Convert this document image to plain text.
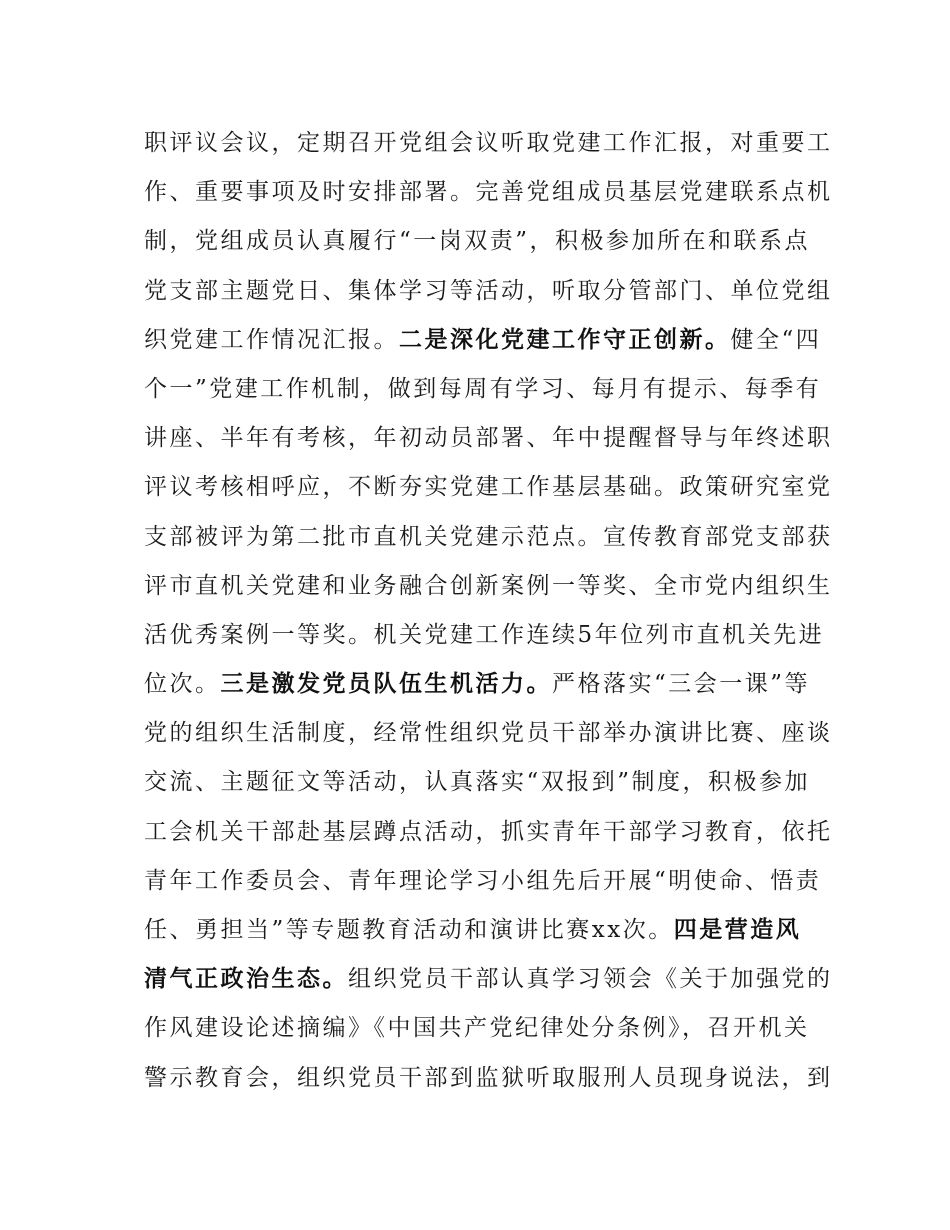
职评议会议，定期召开党组会议听取党建工作汇报，对重要工
作、重要事项及时安排部署。完善党组成员基层党建联系点机
制，党组成员认真履行“一岗双责”，积极参加所在和联系点
党支部主题党日、集体学习等活动，听取分管部门、单位党组
织党建工作情况汇报。二是深化党建工作守正创新。健全“四
个一”党建工作机制，做到每周有学习、每月有提示、每季有
讲座、半年有考核，年初动员部署、年中提醒督导与年终述职
评议考核相呼应，不断夯实党建工作基层基础。政策研究室党
支部被评为第二批市直机关党建示范点。宣传教育部党支部获
评市直机关党建和业务融合创新案例一等奖、全市党内组织生
活优秀案例一等奖。机关党建工作连续5年位列市直机关先进
位次。三是激发党员队伍生机活力。严格落实“三会一课”等
党的组织生活制度，经常性组织党员干部举办演讲比赛、座谈
交流、主题征文等活动，认真落实“双报到”制度，积极参加
工会机关干部赴基层蹲点活动，抓实青年干部学习教育，依托
青年工作委员会、青年理论学习小组先后开展“明使命、悟责
任、勇担当”等专题教育活动和演讲比赛xx次。四是营造风
清气正政治生态。组织党员干部认真学习领会《关于加强党的
作风建设论述摘编》《中国共产党纪律处分条例》，召开机关
警示教育会，组织党员干部到监狱听取服刑人员现身说法，到
